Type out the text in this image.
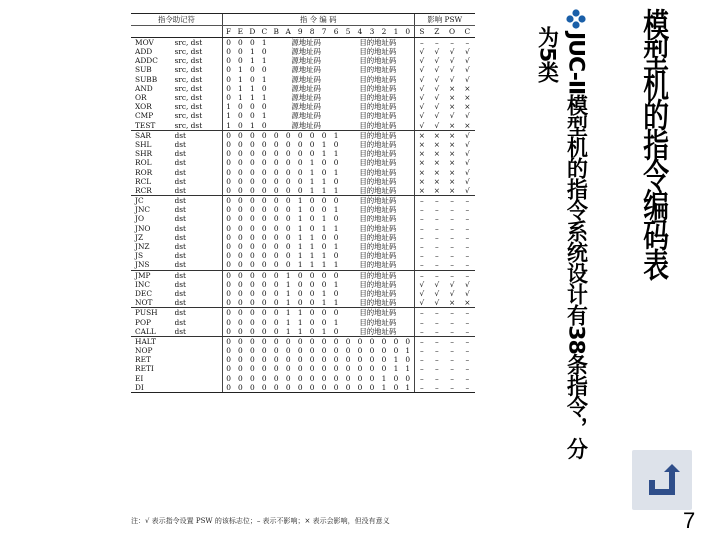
指令助记符		指 令 编 码																影响 PSW			
		F	E	D	C	B	A	9	8	7	6	5	4	3	2	1	0	S	Z	O	C
MOV	src, dst	0	0	0	1	源地址码						目的地址码						–	–	–	–
ADD	src, dst	0	0	1	0	源地址码						目的地址码						√	√	√	√
ADDC	src, dst	0	0	1	1	源地址码						目的地址码						√	√	√	√
SUB	src, dst	0	1	0	0	源地址码						目的地址码						√	√	√	√
SUBB	src, dst	0	1	0	1	源地址码						目的地址码						√	√	√	√
AND	src, dst	0	1	1	0	源地址码						目的地址码						√	√	×	×
OR	src, dst	0	1	1	1	源地址码						目的地址码						√	√	×	×
XOR	src, dst	1	0	0	0	源地址码						目的地址码						√	√	×	×
CMP	src, dst	1	0	0	1	源地址码						目的地址码						√	√	√	√
TEST	src, dst	1	0	1	0	源地址码						目的地址码						√	√	×	×
SAR	dst	0	0	0	0	0	0	0	0	0	1	目的地址码						×	×	×	√
SHL	dst	0	0	0	0	0	0	0	0	1	0	目的地址码						×	×	×	√
SHR	dst	0	0	0	0	0	0	0	0	1	1	目的地址码						×	×	×	√
ROL	dst	0	0	0	0	0	0	0	1	0	0	目的地址码						×	×	×	√
ROR	dst	0	0	0	0	0	0	0	1	0	1	目的地址码						×	×	×	√
RCL	dst	0	0	0	0	0	0	0	1	1	0	目的地址码						×	×	×	√
RCR	dst	0	0	0	0	0	0	0	1	1	1	目的地址码						×	×	×	√
JC	dst	0	0	0	0	0	0	1	0	0	0	目的地址码						–	–	–	–
JNC	dst	0	0	0	0	0	0	1	0	0	1	目的地址码						–	–	–	–
JO	dst	0	0	0	0	0	0	1	0	1	0	目的地址码						–	–	–	–
JNO	dst	0	0	0	0	0	0	1	0	1	1	目的地址码						–	–	–	–
JZ	dst	0	0	0	0	0	0	1	1	0	0	目的地址码						–	–	–	–
JNZ	dst	0	0	0	0	0	0	1	1	0	1	目的地址码						–	–	–	–
JS	dst	0	0	0	0	0	0	1	1	1	0	目的地址码						–	–	–	–
JNS	dst	0	0	0	0	0	0	1	1	1	1	目的地址码						–	–	–	–
JMP	dst	0	0	0	0	0	1	0	0	0	0	目的地址码						–	–	–	–
INC	dst	0	0	0	0	0	1	0	0	0	1	目的地址码						√	√	√	√
DEC	dst	0	0	0	0	0	1	0	0	1	0	目的地址码						√	√	√	√
NOT	dst	0	0	0	0	0	1	0	0	1	1	目的地址码						√	√	×	×
PUSH	dst	0	0	0	0	0	1	1	0	0	0	目的地址码						–	–	–	–
POP	dst	0	0	0	0	0	1	1	0	0	1	目的地址码						–	–	–	–
CALL	dst	0	0	0	0	0	1	1	0	1	0	目的地址码						–	–	–	–
HALT		0	0	0	0	0	0	0	0	0	0	0	0	0	0	0	0	–	–	–	–
NOP		0	0	0	0	0	0	0	0	0	0	0	0	0	0	0	1	–	–	–	–
RET		0	0	0	0	0	0	0	0	0	0	0	0	0	0	1	0	–	–	–	–
RETI		0	0	0	0	0	0	0	0	0	0	0	0	0	0	1	1	–	–	–	–
EI		0	0	0	0	0	0	0	0	0	0	0	0	0	1	0	0	–	–	–	–
DI		0	0	0	0	0	0	0	0	0	0	0	0	0	1	0	1	–	–	–	–
注：√ 表示指令设置 PSW 的该标志位；– 表示不影响；× 表示会影响，但没有意义
模型机的指令编码表
JUC-II模型机的指令系统设计有38条指令，分
为5类
7
